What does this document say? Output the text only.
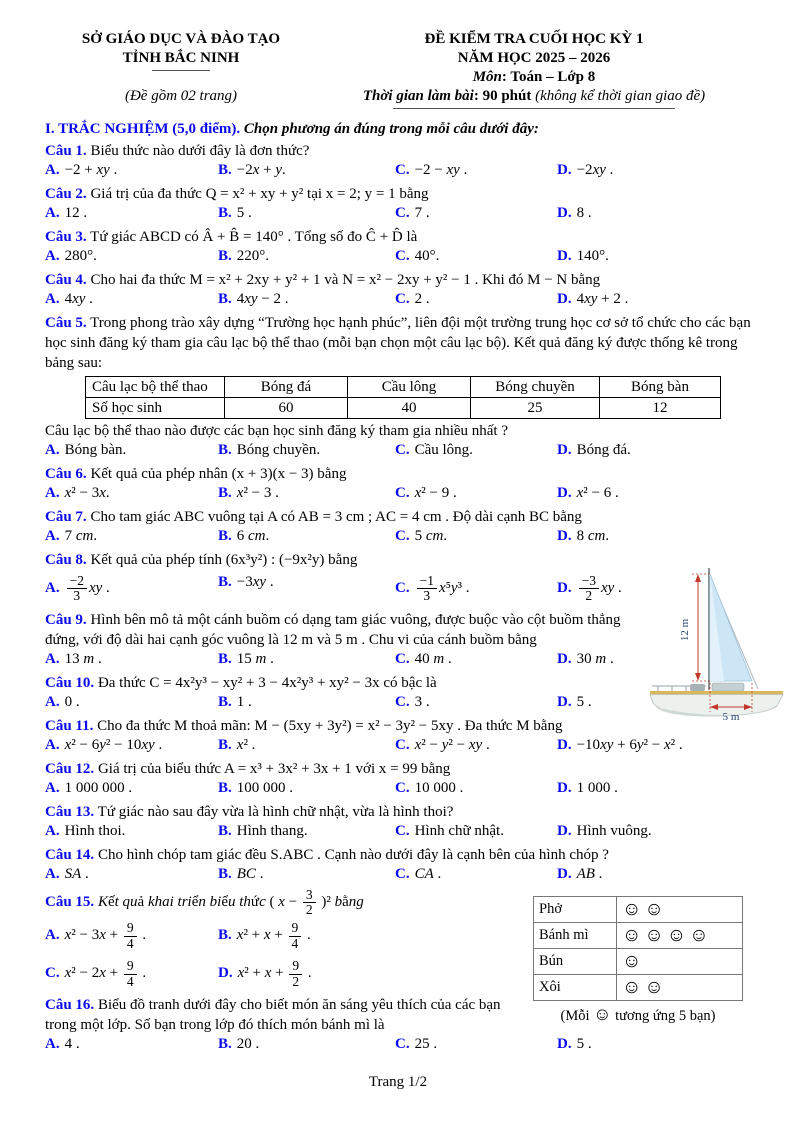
SỞ GIÁO DỤC VÀ ĐÀO TẠO
TỈNH BẮC NINH
(Đề gồm 02 trang)
ĐỀ KIỂM TRA CUỐI HỌC KỲ 1
NĂM HỌC 2025 – 2026
Môn: Toán – Lớp 8
Thời gian làm bài: 90 phút (không kể thời gian giao đề)
I. TRẮC NGHIỆM (5,0 điểm). Chọn phương án đúng trong mỗi câu dưới đây:
Câu 1. Biểu thức nào dưới đây là đơn thức?
A. −2 + xy .	B. −2x + y.	C. −2 − xy .	D. −2xy .
Câu 2. Giá trị của đa thức Q = x² + xy + y² tại x = 2; y = 1 bằng
A. 12 .	B. 5 .	C. 7 .	D. 8 .
Câu 3. Tứ giác ABCD có Â + B̂ = 140° . Tổng số đo Ĉ + D̂ là
A. 280°.	B. 220°.	C. 40°.	D. 140°.
Câu 4. Cho hai đa thức M = x² + 2xy + y² + 1 và N = x² − 2xy + y² − 1 . Khi đó M − N bằng
A. 4xy .	B. 4xy − 2 .	C. 2 .	D. 4xy + 2 .
Câu 5. Trong phong trào xây dựng “Trường học hạnh phúc”, liên đội một trường trung học cơ sở tổ chức cho các bạn học sinh đăng ký tham gia câu lạc bộ thể thao (mỗi bạn chọn một câu lạc bộ). Kết quả đăng ký được thống kê trong bảng sau:
Câu lạc bộ thể thao	Bóng đá	Cầu lông	Bóng chuyền	Bóng bàn
Số học sinh	60	40	25	12
Câu lạc bộ thể thao nào được các bạn học sinh đăng ký tham gia nhiều nhất ?
A. Bóng bàn.	B. Bóng chuyền.	C. Cầu lông.	D. Bóng đá.
Câu 6. Kết quả của phép nhân (x + 3)(x − 3) bằng
A. x² − 3x.	B. x² − 3 .	C. x² − 9 .	D. x² − 6 .
Câu 7. Cho tam giác ABC vuông tại A có AB = 3 cm ; AC = 4 cm . Độ dài cạnh BC bằng
A. 7 cm.	B. 6 cm.	C. 5 cm.	D. 8 cm.
Câu 8. Kết quả của phép tính (6x³y²) : (−9x²y) bằng
A. $\frac{-2}{3}$ xy .	B. −3xy .	C. $\frac{-1}{3} x^5y^3$ .	D. $\frac{-3}{2}$ xy .
12 m
5 m
Câu 9. Hình bên mô tả một cánh buồm có dạng tam giác vuông, được buộc vào cột buồm thẳng đứng, với độ dài hai cạnh góc vuông là 12 m và 5 m . Chu vi của cánh buồm bằng
A. 13 m .	B. 15 m .	C. 40 m .	D. 30 m .
Câu 10. Đa thức C = 4x²y³ − xy² + 3 − 4x²y³ + xy² − 3x có bậc là
A. 0 .	B. 1 .	C. 3 .	D. 5 .
Câu 11. Cho đa thức M thoả mãn: M − (5xy + 3y²) = x² − 3y² − 5xy . Đa thức M bằng
A. x² − 6y² − 10xy .	B. x² .	C. x² − y² − xy .	D. −10xy + 6y² − x² .
Câu 12. Giá trị của biểu thức A = x³ + 3x² + 3x + 1 với x = 99 bằng
A. 1 000 000 .	B. 100 000 .	C. 10 000 .	D. 1 000 .
Câu 13. Tứ giác nào sau đây vừa là hình chữ nhật, vừa là hình thoi?
A. Hình thoi.	B. Hình thang.	C. Hình chữ nhật.	D. Hình vuông.
Câu 14. Cho hình chóp tam giác đều S.ABC . Cạnh nào dưới đây là cạnh bên của hình chóp ?
A. SA .	B. BC .	C. CA .	D. AB .
Câu 15. Kết quả khai triển biểu thức ( $x - \frac{3}{2} )^2$ bằng
A. $x^2 - 3x + \frac{9}{4}$ .	B. $x^2 + x + \frac{9}{4}$ .
C. $x^2 - 2x + \frac{9}{4}$ .	D. $x^2 + x + \frac{9}{2}$ .
Phở	☺☺
Bánh mì	☺☺☺☺
Bún	☺
Xôi	☺☺
(Mỗi ☺ tương ứng 5 bạn)
Câu 16. Biểu đồ tranh dưới đây cho biết món ăn sáng yêu thích của các bạn trong một lớp. Số bạn trong lớp đó thích món bánh mì là
A. 4 .	B. 20 .	C. 25 .	D. 5 .
Trang 1/2
